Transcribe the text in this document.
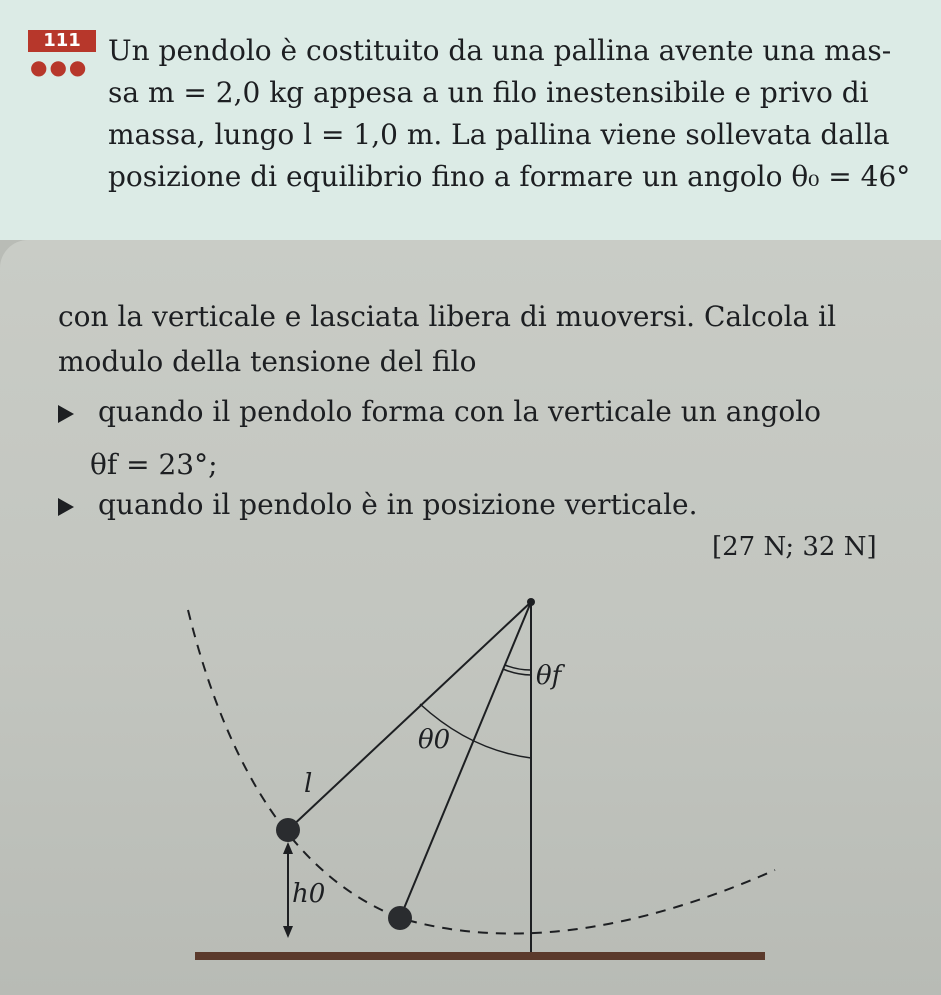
111
●●● Un pendolo è costituito da una pallina avente una mas-
sa m = 2,0 kg appesa a un filo inestensibile e privo di
massa, lungo l = 1,0 m. La pallina viene sollevata dalla
posizione di equilibrio fino a formare un angolo θ₀ = 46°
con la verticale e lasciata libera di muoversi. Calcola il
modulo della tensione del filo
quando il pendolo forma con la verticale un angolo
θf = 23°;
quando il pendolo è in posizione verticale.
[27 N; 32 N]
θf
θ0
l
h0
